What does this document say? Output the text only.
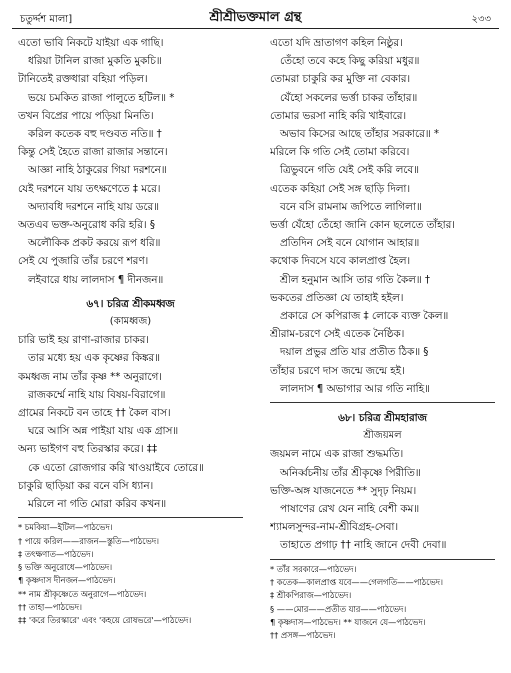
চতুর্দ্দশ মালা]	শ্রীশ্রীভক্তমাল গ্রন্থ	২৩৩
এতো ভাবি নিকটে যাইয়া এক গাছি।
ধরিয়া টানিল রাজা মুকতি মুকচি॥
টানিতেই রক্তধারা বহিয়া পড়িল।
ভয়ে চমকিত রাজা পালুতে হটিল॥ *
তখন বিপ্রের পায়ে পড়িয়া মিনতি।
করিল কতেক বহু দণ্ডবত নতি॥ †
কিন্তু সেই হৈতে রাজা রাজার সন্তানে।
আজ্ঞা নাহি ঠাকুরের গিয়া দরশনে॥
যেই দরশনে যায় তৎক্ষণেতে ‡ মরে।
অদ্যাবধি দরশনে নাহি যায় ডরে॥
অতএব ভক্ত-অনুরোধ করি হরি। §
অলৌকিক প্রকট করয়ে রূপ ধরি॥
সেই যে পুজারি তাঁর চরণে শরণ।
লইবারে ধায় লালদাস ¶ দীনজন॥
৬৭। চরিত্র শ্রীকমধ্বজ
(কামধ্বজ)
চারি ভাই হয় রাণা-রাজার চাকর।
তার মধ্যে হয় এক কৃষ্ণের কিঙ্কর॥
কমধ্বজ নাম তাঁর কৃষ্ণ ** অনুরাগে।
রাজকর্ম্মে নাহি যায় বিষয়-বিরাগে॥
গ্রামের নিকটে বন তাহে †† কৈল বাস।
ঘরে আসি অন্ন পাইয়া যায় এক গ্রাস॥
অন্য ভাইগণ বহু তিরস্কার করে। ‡‡
কে এতো রোজগার করি খাওয়াইবে তোরে॥
চাকুরি ছাড়িয়া কর বনে বসি ধ্যান।
মরিলে না গতি মোরা করিব কখন॥
* চমকিয়া—ইটিল—পাঠভেদ।
† পায়ে করিল——রাজন—স্তুতি—পাঠভেদ।
‡ তৎক্ষণাত—পাঠভেদ।
§ ভক্তি অনুরোধে—পাঠভেদ।
¶ কৃষ্ণদাস দীনজন—পাঠভেদ।
** নাম শ্রীকৃষ্ণেতে অনুরাগে—পাঠভেদ।
†† তাহা—পাঠভেদ।
‡‡ 'করে তিরস্কারে' এবং 'কহয়ে রোষভরে'—পাঠভেদ।
এতো যদি ভ্রাতাগণ কহিল নিষ্ঠুর।
তেঁহো তবে কহে কিছু করিয়া মধুর॥
তোমরা চাকুরি কর মুক্তি না বেকার।
যেঁহো সকলের ভর্ত্তা চাকর তাঁহার॥
তোমার ভরসা নাহি করি খাইবারে।
অভাব কিসের আছে তাঁহার সরকারে॥ *
মরিলে কি গতি সেই তোমা করিবে।
ত্রিভুবনে গতি যেই সেই করি লবে॥
এতেক কহিয়া সেই সঙ্গ ছাড়ি দিলা।
বনে বসি রামনাম জপিতে লাগিলা॥
ভর্ত্তা যেঁহো তেঁহো জানি কোন ছলেতে তাঁহার।
প্রতিদিন সেই বনে যোগান আহার॥
কথোক দিবসে যবে কালপ্রাপ্ত হৈল।
শ্রীল হনুমান আসি তার গতি কৈল॥ †
ভকতের প্রতিজ্ঞা যে তাহাই হইল।
প্রকারে সে কপিরাজ ‡ লোকে ব্যক্ত কৈল॥
শ্রীরাম-চরণে সেই এতেক নৈষ্ঠিক।
দয়াল প্রভুর প্রতি যার প্রতীত ঠিক॥ §
তাঁহার চরণে দাস জন্মে জন্মে হই।
লালদাস ¶ অভাগার আর গতি নাহি॥
৬৮। চরিত্র শ্রীমহারাজ
শ্রীজয়মল
জয়মল নামে এক রাজা শুদ্ধমতি।
অনির্ব্বচনীয় তাঁর শ্রীকৃষ্ণে পিরীতি॥
ভক্তি-অঙ্গ যাজনেতে ** সুদৃঢ় নিয়ম।
পাষাণের রেখ যেন নাহি বেশী কম॥
শ্যামলসুন্দর-নাম-শ্রীবিগ্রহ-সেবা।
তাহাতে প্রগাঢ় †† নাহি জানে দেবী দেবা॥
* তাঁর সরকারে—পাঠভেদ।
† কতেক—কালপ্রাপ্ত যবে——গেলগতি——পাঠভেদ।
‡ শ্রীকপিরাজ—পাঠভেদ।
§ ——মোর——প্রতীত যার——পাঠভেদ।
¶ কৃষ্ণদাস—পাঠভেদ। ** যাজনে যে—পাঠভেদ।
†† প্রসঙ্গ—পাঠভেদ।
